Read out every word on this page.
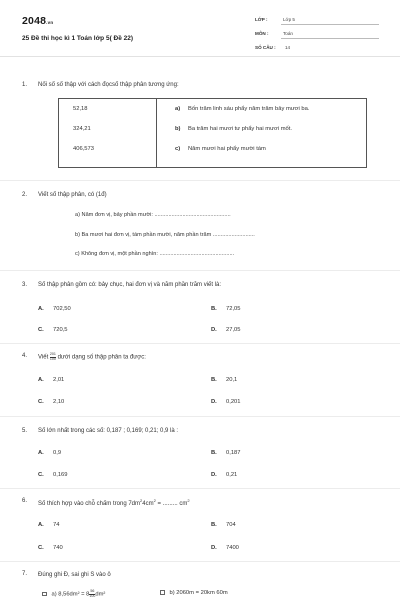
2048.vn
25 Đề thi học kì 1 Toán lớp 5( Đề 22)
LỚP :	Lớp 5
MÔN :	Toán
SỐ CÂU : 14
1. Nối số số thập với cách đọcsố thập phân tương ứng:
52,18
324,21
406,573
a) Bốn trăm linh sáu phẩy năm trăm bảy mươi ba.
b) Ba trăm hai mươi tư phẩy hai mươi mốt.
c) Năm mươi hai phẩy mười tám
2. Viết số thập phân, có (1đ)
a) Năm đơn vị, bảy phần mười: .................................................
b) Ba mươi hai đơn vị, tám phần mười, năm phần trăm ...........................
c) Không đơn vị, một phần nghìn: ................................................
3. Số thập phân gồm có: bảy chục, hai đơn vị và năm phần trăm viết là:
A. 702,50	B. 72,05
C. 720,5	D. 27,05
4. Viết $\frac{201}{100}$ dưới dạng số thập phân ta được:
A. 2,01	B. 20,1
C. 2,10	D. 0,201
5. Số lớn nhất trong các số: 0,187 ; 0,169; 0,21; 0,9 là :
A. 0,9	B. 0,187
C. 0,169	D. 0,21
6. Số thích hợp vào chỗ chấm trong $7dm^24cm^2$ = ......... $cm^2$
A. 74	B. 704
C. 740	D. 7400
7. Đúng ghi Đ, sai ghi S vào ô
a) $8,56dm^2 = 8 \frac{56}{100} dm^2$	b) 2060m = 20km 60m
